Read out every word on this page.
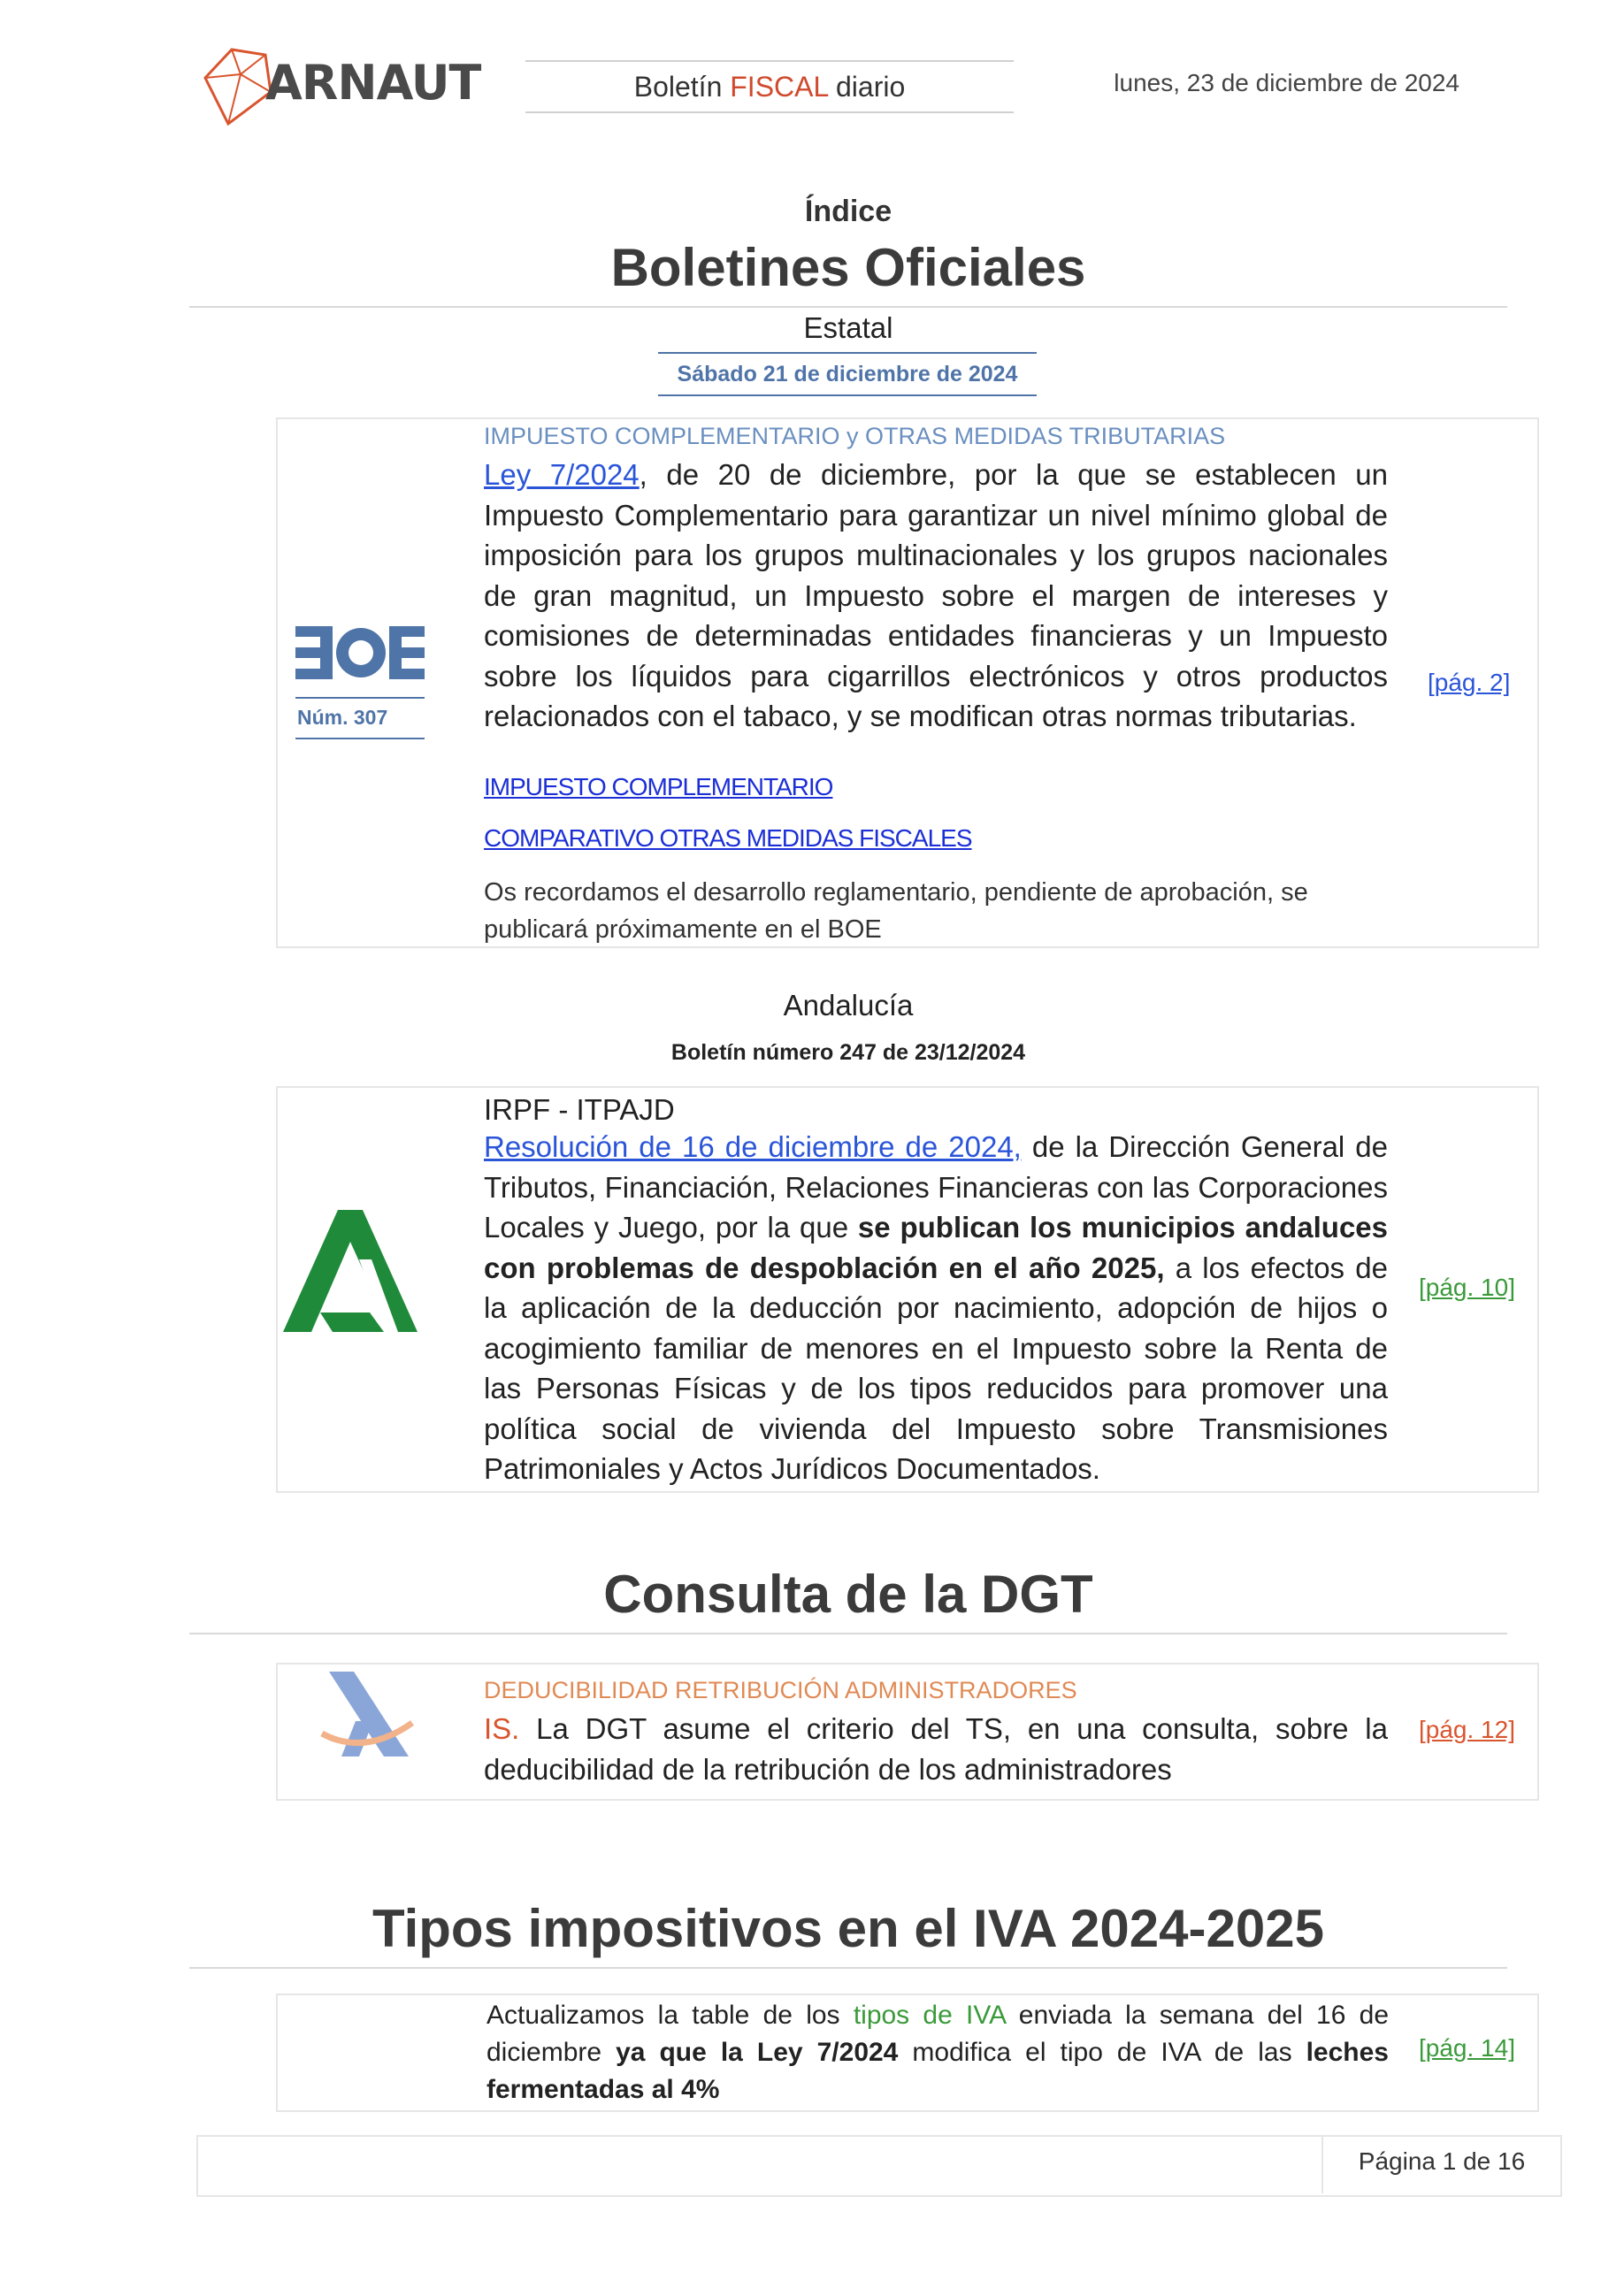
ARNAUT	Boletín FISCAL diario	lunes, 23 de diciembre de 2024
Índice
Boletines Oficiales
Estatal
Sábado 21 de diciembre de 2024
Núm. 307
IMPUESTO COMPLEMENTARIO y OTRAS MEDIDAS TRIBUTARIAS
Ley 7/2024, de 20 de diciembre, por la que se establecen un Impuesto Complementario para garantizar un nivel mínimo global de imposición para los grupos multinacionales y los grupos nacionales de gran magnitud, un Impuesto sobre el margen de intereses y comisiones de determinadas entidades financieras y un Impuesto sobre los líquidos para cigarrillos electrónicos y otros productos relacionados con el tabaco, y se modifican otras normas tributarias.
[pág. 2]
IMPUESTO COMPLEMENTARIO
COMPARATIVO OTRAS MEDIDAS FISCALES
Os recordamos el desarrollo reglamentario, pendiente de aprobación, se publicará próximamente en el BOE
Andalucía
Boletín número 247 de 23/12/2024
IRPF - ITPAJD
Resolución de 16 de diciembre de 2024, de la Dirección General de Tributos, Financiación, Relaciones Financieras con las Corporaciones Locales y Juego, por la que se publican los municipios andaluces con problemas de despoblación en el año 2025, a los efectos de la aplicación de la deducción por nacimiento, adopción de hijos o acogimiento familiar de menores en el Impuesto sobre la Renta de las Personas Físicas y de los tipos reducidos para promover una política social de vivienda del Impuesto sobre Transmisiones Patrimoniales y Actos Jurídicos Documentados.
[pág. 10]
Consulta de la DGT
DEDUCIBILIDAD RETRIBUCIÓN ADMINISTRADORES
IS. La DGT asume el criterio del TS, en una consulta, sobre la deducibilidad de la retribución de los administradores
[pág. 12]
Tipos impositivos en el IVA 2024-2025
Actualizamos la table de los tipos de IVA enviada la semana del 16 de diciembre ya que la Ley 7/2024 modifica el tipo de IVA de las leches fermentadas al 4%
[pág. 14]
Página 1 de 16
